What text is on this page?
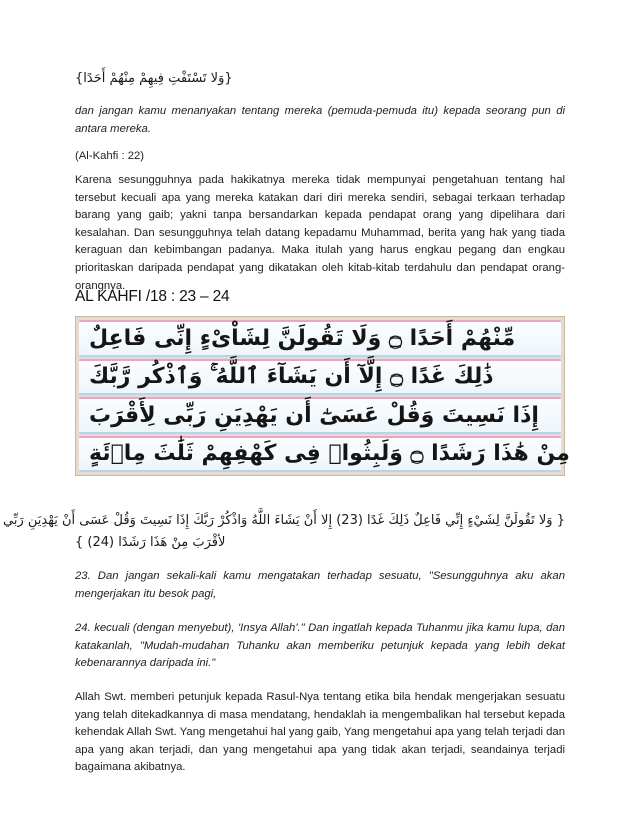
{وَلا تَسْتَفْتِ فِيهِمْ مِنْهُمْ أَحَدًا}

dan jangan kamu menanyakan tentang mereka (pemuda-pemuda itu) kepada seorang pun di antara mereka.

(Al-Kahfi : 22)

Karena sesungguhnya pada hakikatnya mereka tidak mempunyai pengetahuan tentang hal tersebut kecuali apa yang mereka katakan dari diri mereka sendiri, sebagai terkaan terhadap barang yang gaib; yakni tanpa bersandarkan kepada pendapat orang yang dipelihara dari kesalahan. Dan sesungguhnya telah datang kepadamu Muhammad, berita yang hak yang tiada keraguan dan kebimbangan padanya. Maka itulah yang harus engkau pegang dan engkau prioritaskan daripada pendapat yang dikatakan oleh kitab-kitab terdahulu dan pendapat orang-orangnya.

AL KAHFI /18 : 23 – 24
مِّنْهُمْ أَحَدًا ۝ وَلَا تَقُولَنَّ لِشَاْىْءٍ إِنِّى فَاعِلٌ
ذَٰلِكَ غَدًا ۝ إِلَّآ أَن يَشَآءَ ٱللَّهُ ۚ وَٱذْكُر رَّبَّكَ
إِذَا نَسِيتَ وَقُلْ عَسَىٰٓ أَن يَهْدِيَنِ رَبِّى لِأَقْرَبَ
مِنْ هَٰذَا رَشَدًا ۝ وَلَبِثُوا۟ فِى كَهْفِهِمْ ثَلَٰثَ مِا۟ئَةٍ
{ وَلا تَقُولَنَّ لِشَيْءٍ إِنِّي فَاعِلٌ ذَلِكَ غَدًا (23) إِلا أَنْ يَشَاءَ اللَّهُ وَاذْكُرْ رَبَّكَ إِذَا نَسِيتَ وَقُلْ عَسَى أَنْ يَهْدِيَنِ رَبِّي
لأقْرَبَ مِنْ هَذَا رَشَدًا (24) }

23. Dan jangan sekali-kali kamu mengatakan terhadap sesuatu, "Sesungguhnya aku akan mengerjakan itu besok pagi,

24. kecuali (dengan menyebut), 'Insya Allah'." Dan ingatlah kepada Tuhanmu jika kamu lupa, dan katakanlah, "Mudah-mudahan Tuhanku akan memberiku petunjuk kepada yang lebih dekat kebenarannya daripada ini."

Allah Swt. memberi petunjuk kepada Rasul-Nya tentang etika bila hendak mengerjakan sesuatu yang telah ditekadkannya di masa mendatang, hendaklah ia mengembalikan hal tersebut kepada kehendak Allah Swt. Yang mengetahui hal yang gaib, Yang mengetahui apa yang telah terjadi dan apa yang akan terjadi, dan yang mengetahui apa yang tidak akan terjadi, seandainya terjadi bagaimana akibatnya.
